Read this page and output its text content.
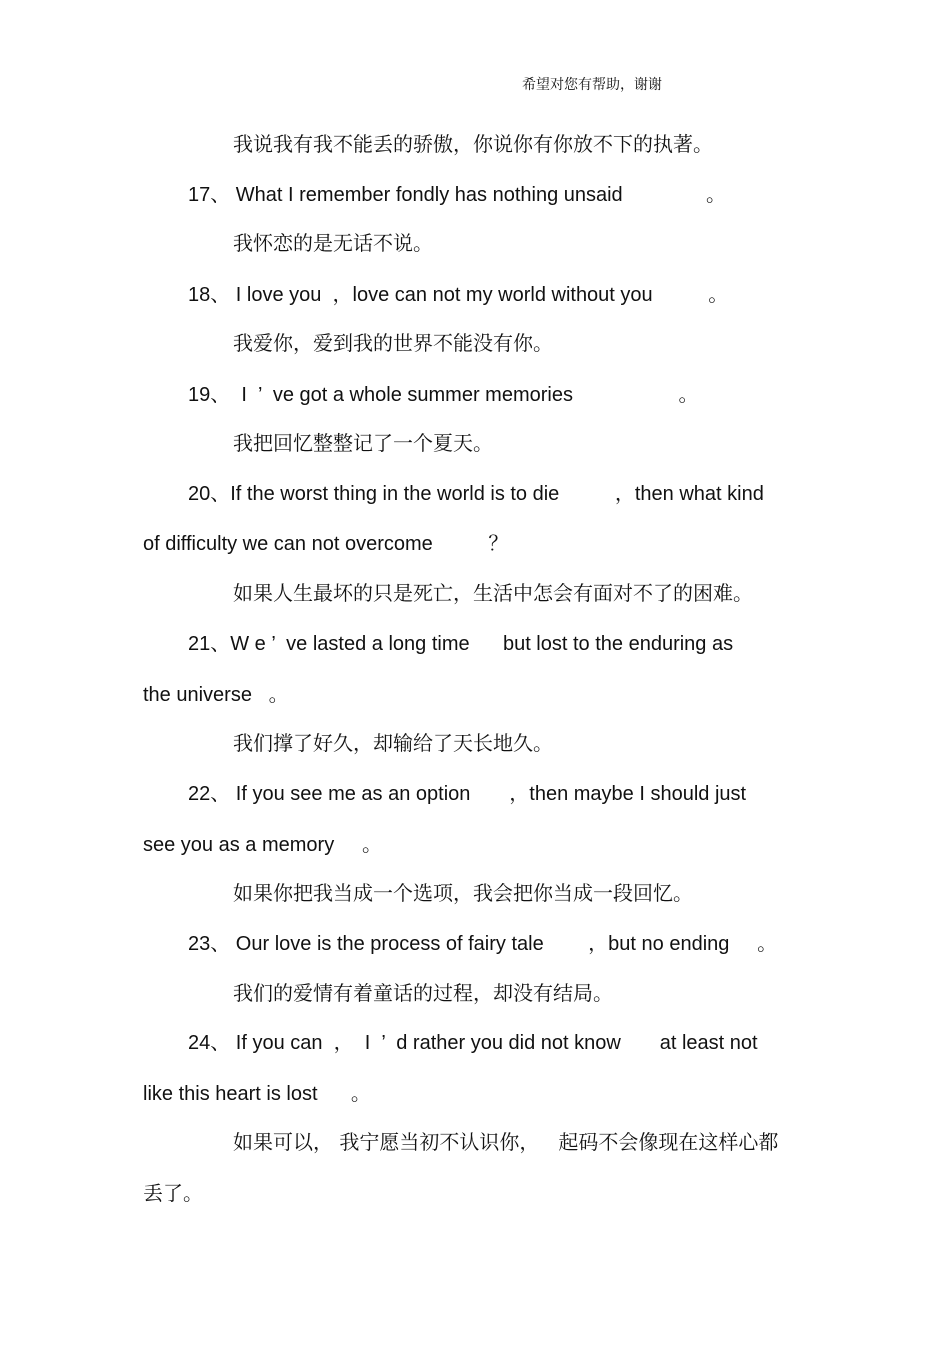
希望对您有帮助，谢谢
我说我有我不能丢的骄傲，你说你有你放不下的执著。
17、 What I remember fondly has nothing unsaid               。
我怀恋的是无话不说。
18、 I love you  ，love can not my world without you          。
我爱你，爱到我的世界不能没有你。
19、  I  ’  ve got a whole summer memories                   。
我把回忆整整记了一个夏天。
20、If the worst thing in the world is to die          ，then what kind
of difficulty we can not overcome          ？
如果人生最坏的只是死亡，生活中怎会有面对不了的困难。
21、W e ’  ve lasted a long time      but lost to the enduring as
the universe   。
我们撑了好久，却输给了天长地久。
22、 If you see me as an option       ，then maybe I should just
see you as a memory     。
如果你把我当成一个选项，我会把你当成一段回忆。
23、 Our love is the process of fairy tale        ，but no ending     。
我们的爱情有着童话的过程，却没有结局。
24、 If you can  ，  I  ’  d rather you did not know       at least not
like this heart is lost      。
如果可以， 我宁愿当初不认识你，   起码不会像现在这样心都
丢了。
